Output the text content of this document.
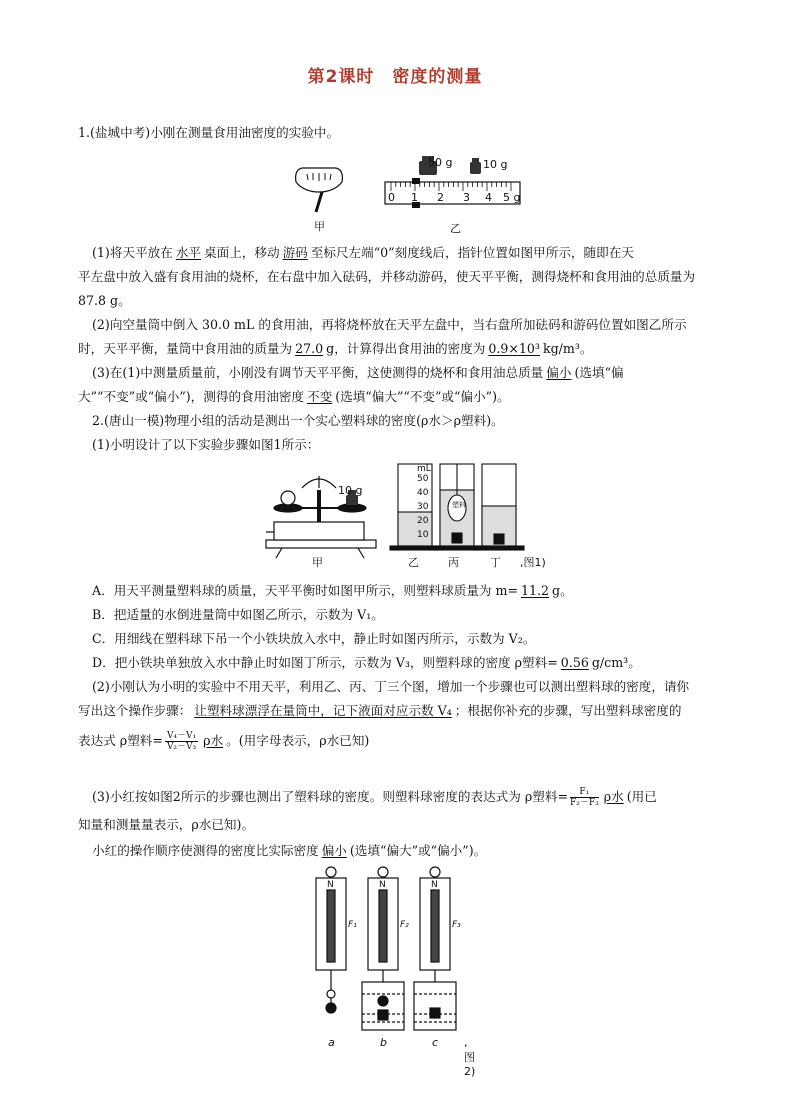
第2课时　密度的测量
1.(盐城中考)小刚在测量食用油密度的实验中。
50 g	10 g
0 1 2 3 4 5 g
甲	乙
(1)将天平放在 水平 桌面上，移动 游码 至标尺左端“0”刻度线后，指针位置如图甲所示，随即在天
平左盘中放入盛有食用油的烧杯，在右盘中加入砝码，并移动游码，使天平平衡，测得烧杯和食用油的总质量为
87.8 g。
(2)向空量筒中倒入 30.0 mL 的食用油，再将烧杯放在天平左盘中，当右盘所加砝码和游码位置如图乙所示
时，天平平衡，量筒中食用油的质量为 27.0 g，计算得出食用油的密度为 0.9×10³ kg/m³。
(3)在(1)中测量质量前，小刚没有调节天平平衡，这使测得的烧杯和食用油总质量 偏小 (选填“偏
大”“不变”或“偏小”)，测得的食用油密度 不变 (选填“偏大”“不变”或“偏小”)。
2.(唐山一模)物理小组的活动是测出一个实心塑料球的密度(ρ水＞ρ塑料)。
(1)小明设计了以下实验步骤如图1所示：
10 g
mL
50
40
30
20
10
塑料
甲	乙	丙	丁 ,图1)
A．用天平测量塑料球的质量，天平平衡时如图甲所示，则塑料球质量为 m= 11.2 g。
B．把适量的水倒进量筒中如图乙所示，示数为 V₁。
C．用细线在塑料球下吊一个小铁块放入水中，静止时如图丙所示，示数为 V₂。
D．把小铁块单独放入水中静止时如图丁所示，示数为 V₃，则塑料球的密度 ρ塑料= 0.56 g/cm³。
(2)小刚认为小明的实验中不用天平，利用乙、丙、丁三个图，增加一个步骤也可以测出塑料球的密度，请你
写出这个操作步骤： 让塑料球漂浮在量筒中，记下液面对应示数 V₄ ；根据你补充的步骤，写出塑料球密度的
表达式 ρ塑料= $\frac{\text{V₄－V₁}}{\text{V₂－V₃}}$ ρ水 。(用字母表示，ρ水已知)
(3)小红按如图2所示的步骤也测出了塑料球的密度。则塑料球密度的表达式为 ρ塑料= $\frac{\text{F₁}}{\text{F₂－F₃}}$ ρ水 (用已
知量和测量量表示，ρ水已知)。
小红的操作顺序使测得的密度比实际密度 偏小 (选填“偏大”或“偏小”)。
N	N	N
F₁	F₂	F₃
a	b	c ,图2)
